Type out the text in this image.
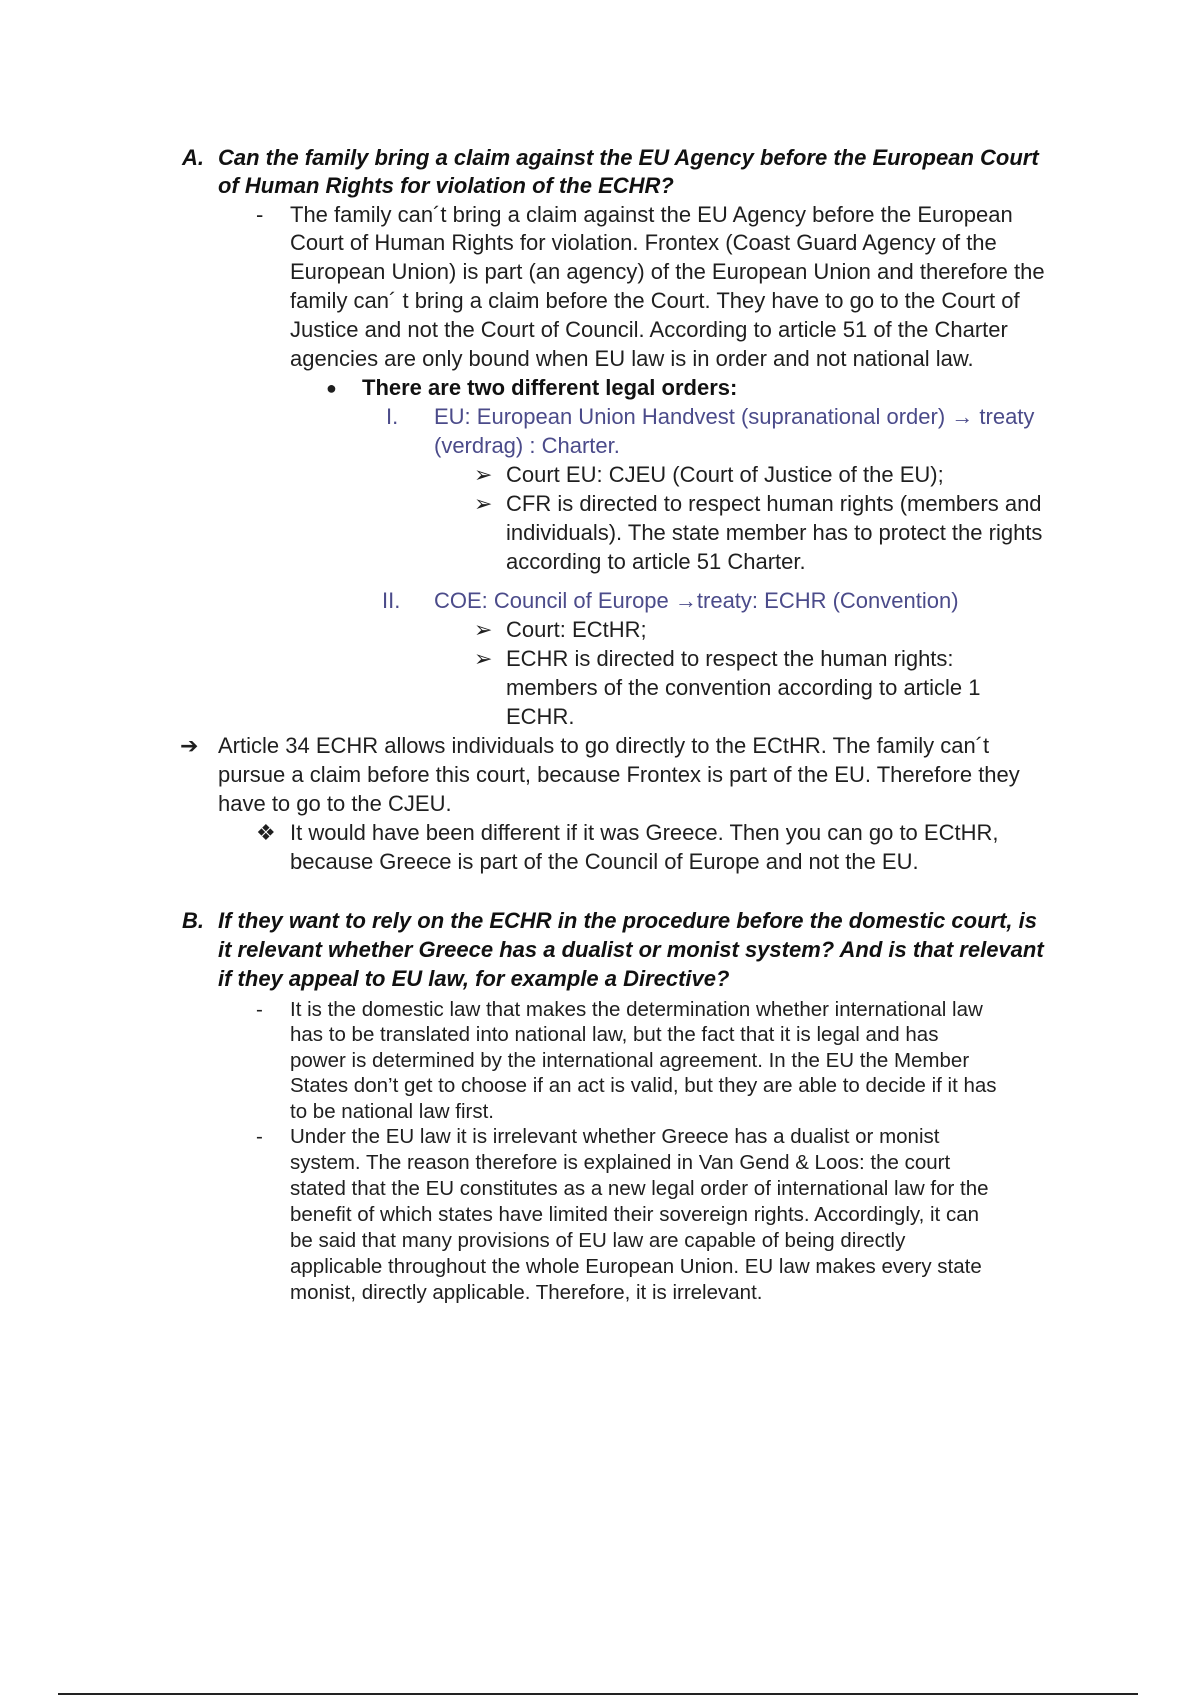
A. Can the family bring a claim against the EU Agency before the European Court
of Human Rights for violation of the ECHR?
- The family can´t bring a claim against the EU Agency before the European
Court of Human Rights for violation. Frontex (Coast Guard Agency of the
European Union) is part (an agency) of the European Union and therefore the
family can´ t bring a claim before the Court. They have to go to the Court of
Justice and not the Court of Council. According to article 51 of the Charter
agencies are only bound when EU law is in order and not national law.
● There are two different legal orders:
I. EU: European Union Handvest (supranational order) → treaty
(verdrag) : Charter.
➢ Court EU: CJEU (Court of Justice of the EU);
➢ CFR is directed to respect human rights (members and
individuals). The state member has to protect the rights
according to article 51 Charter.
II. COE: Council of Europe →treaty: ECHR (Convention)
➢ Court: ECtHR;
➢ ECHR is directed to respect the human rights:
members of the convention according to article 1
ECHR.
➔ Article 34 ECHR allows individuals to go directly to the ECtHR. The family can´t
pursue a claim before this court, because Frontex is part of the EU. Therefore they
have to go to the CJEU.
❖ It would have been different if it was Greece. Then you can go to ECtHR,
because Greece is part of the Council of Europe and not the EU.
B. If they want to rely on the ECHR in the procedure before the domestic court, is
it relevant whether Greece has a dualist or monist system? And is that relevant
if they appeal to EU law, for example a Directive?
- It is the domestic law that makes the determination whether international law
has to be translated into national law, but the fact that it is legal and has
power is determined by the international agreement. In the EU the Member
States don’t get to choose if an act is valid, but they are able to decide if it has
to be national law first.
- Under the EU law it is irrelevant whether Greece has a dualist or monist
system. The reason therefore is explained in Van Gend & Loos: the court
stated that the EU constitutes as a new legal order of international law for the
benefit of which states have limited their sovereign rights. Accordingly, it can
be said that many provisions of EU law are capable of being directly
applicable throughout the whole European Union. EU law makes every state
monist, directly applicable. Therefore, it is irrelevant.
